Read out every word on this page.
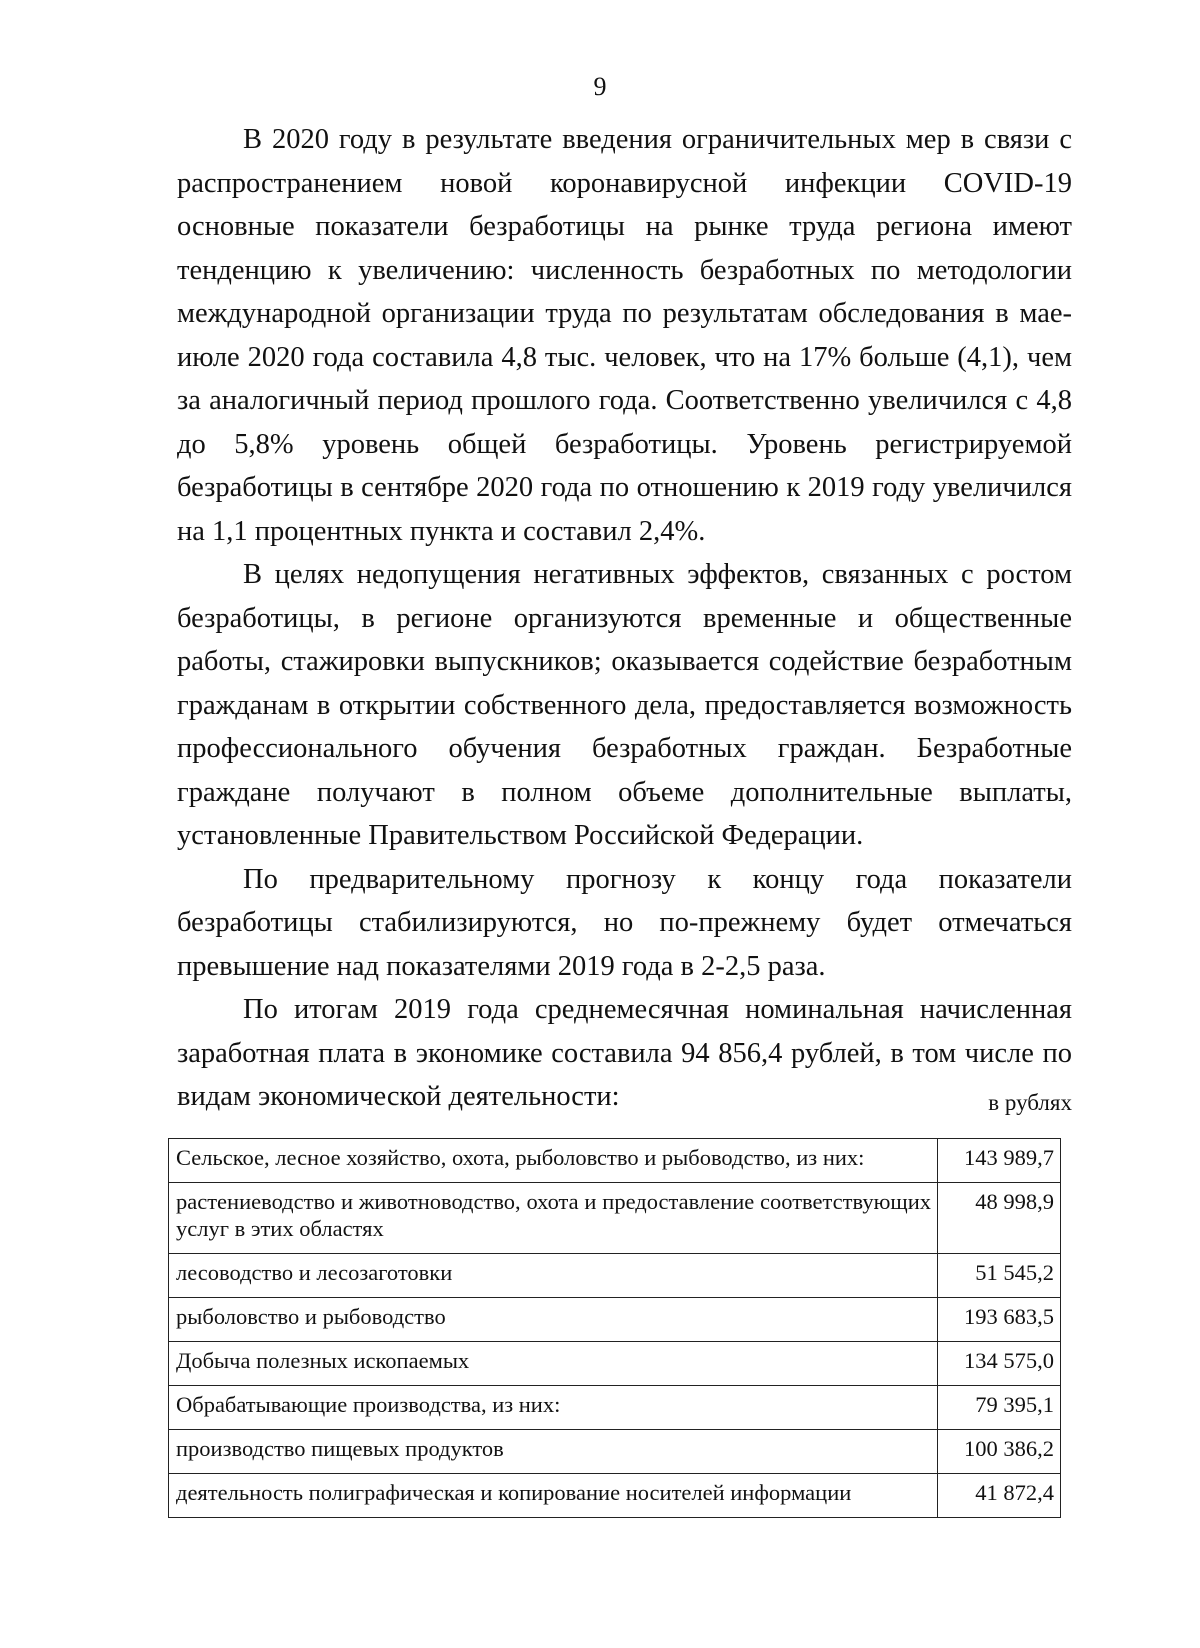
9

В 2020 году в результате введения ограничительных мер в связи с распространением новой коронавирусной инфекции COVID-19 основные показатели безработицы на рынке труда региона имеют тенденцию к увеличению: численность безработных по методологии международной организации труда по результатам обследования в мае-июле 2020 года составила 4,8 тыс. человек, что на 17% больше (4,1), чем за аналогичный период прошлого года. Соответственно увеличился с 4,8 до 5,8% уровень общей безработицы. Уровень регистрируемой безработицы в сентябре 2020 года по отношению к 2019 году увеличился на 1,1 процентных пункта и составил 2,4%.

В целях недопущения негативных эффектов, связанных с ростом безработицы, в регионе организуются временные и общественные работы, стажировки выпускников; оказывается содействие безработным гражданам в открытии собственного дела, предоставляется возможность профессионального обучения безработных граждан. Безработные граждане получают в полном объеме дополнительные выплаты, установленные Правительством Российской Федерации.

По предварительному прогнозу к концу года показатели безработицы стабилизируются, но по-прежнему будет отмечаться превышение над показателями 2019 года в 2-2,5 раза.

По итогам 2019 года среднемесячная номинальная начисленная заработная плата в экономике составила 94 856,4 рублей, в том числе по видам экономической деятельности:	в рублях
Сельское, лесное хозяйство, охота, рыболовство и рыбоводство, из них:	143 989,7
растениеводство и животноводство, охота и предоставление соответствующих услуг в этих областях	48 998,9
лесоводство и лесозаготовки	51 545,2
рыболовство и рыбоводство	193 683,5
Добыча полезных ископаемых	134 575,0
Обрабатывающие производства, из них:	79 395,1
производство пищевых продуктов	100 386,2
деятельность полиграфическая и копирование носителей информации	41 872,4
